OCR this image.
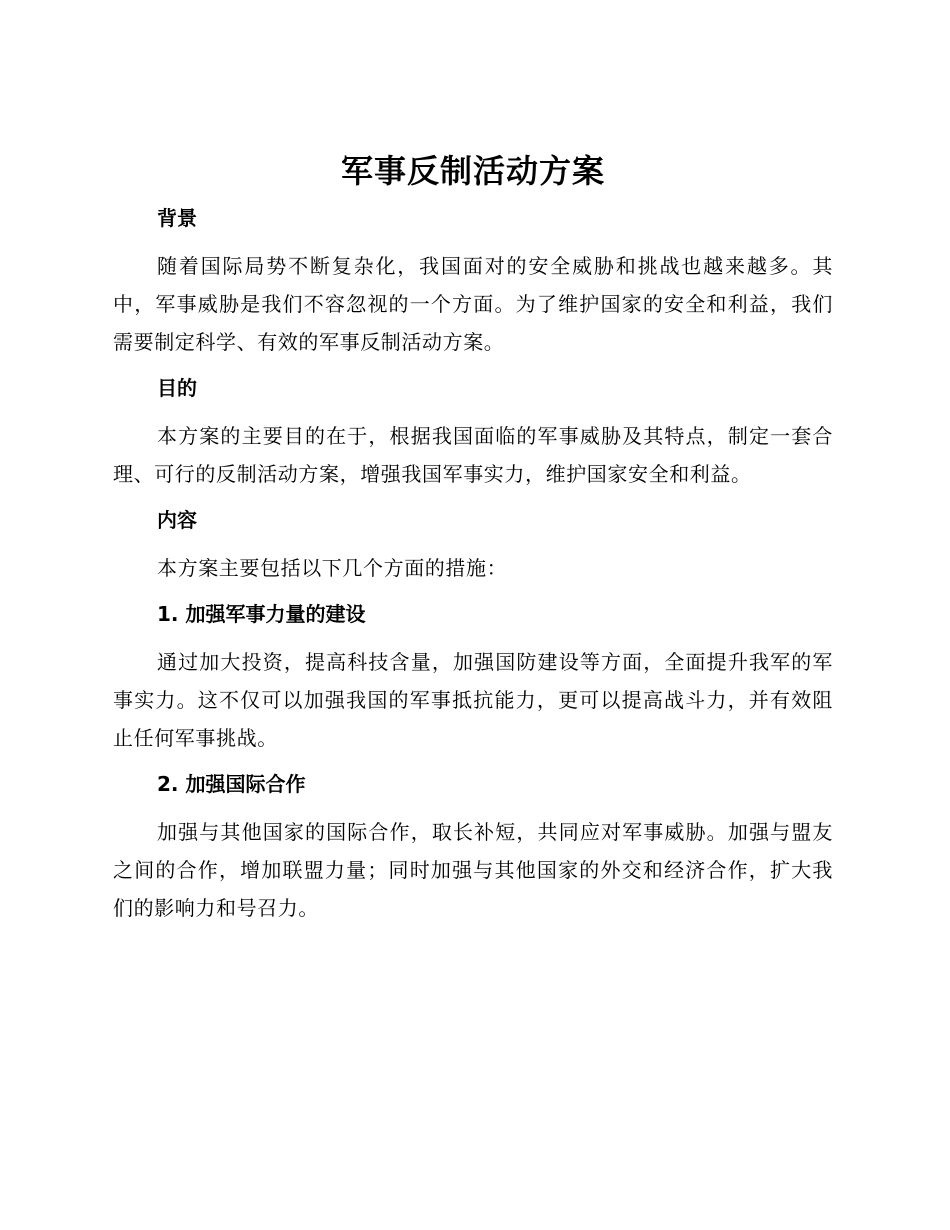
军事反制活动方案
背景

随着国际局势不断复杂化，我国面对的安全威胁和挑战也越来越多。其中，军事威胁是我们不容忽视的一个方面。为了维护国家的安全和利益，我们需要制定科学、有效的军事反制活动方案。

目的

本方案的主要目的在于，根据我国面临的军事威胁及其特点，制定一套合理、可行的反制活动方案，增强我国军事实力，维护国家安全和利益。

内容

本方案主要包括以下几个方面的措施：

1. 加强军事力量的建设

通过加大投资，提高科技含量，加强国防建设等方面，全面提升我军的军事实力。这不仅可以加强我国的军事抵抗能力，更可以提高战斗力，并有效阻止任何军事挑战。

2. 加强国际合作

加强与其他国家的国际合作，取长补短，共同应对军事威胁。加强与盟友之间的合作，增加联盟力量；同时加强与其他国家的外交和经济合作，扩大我们的影响力和号召力。
